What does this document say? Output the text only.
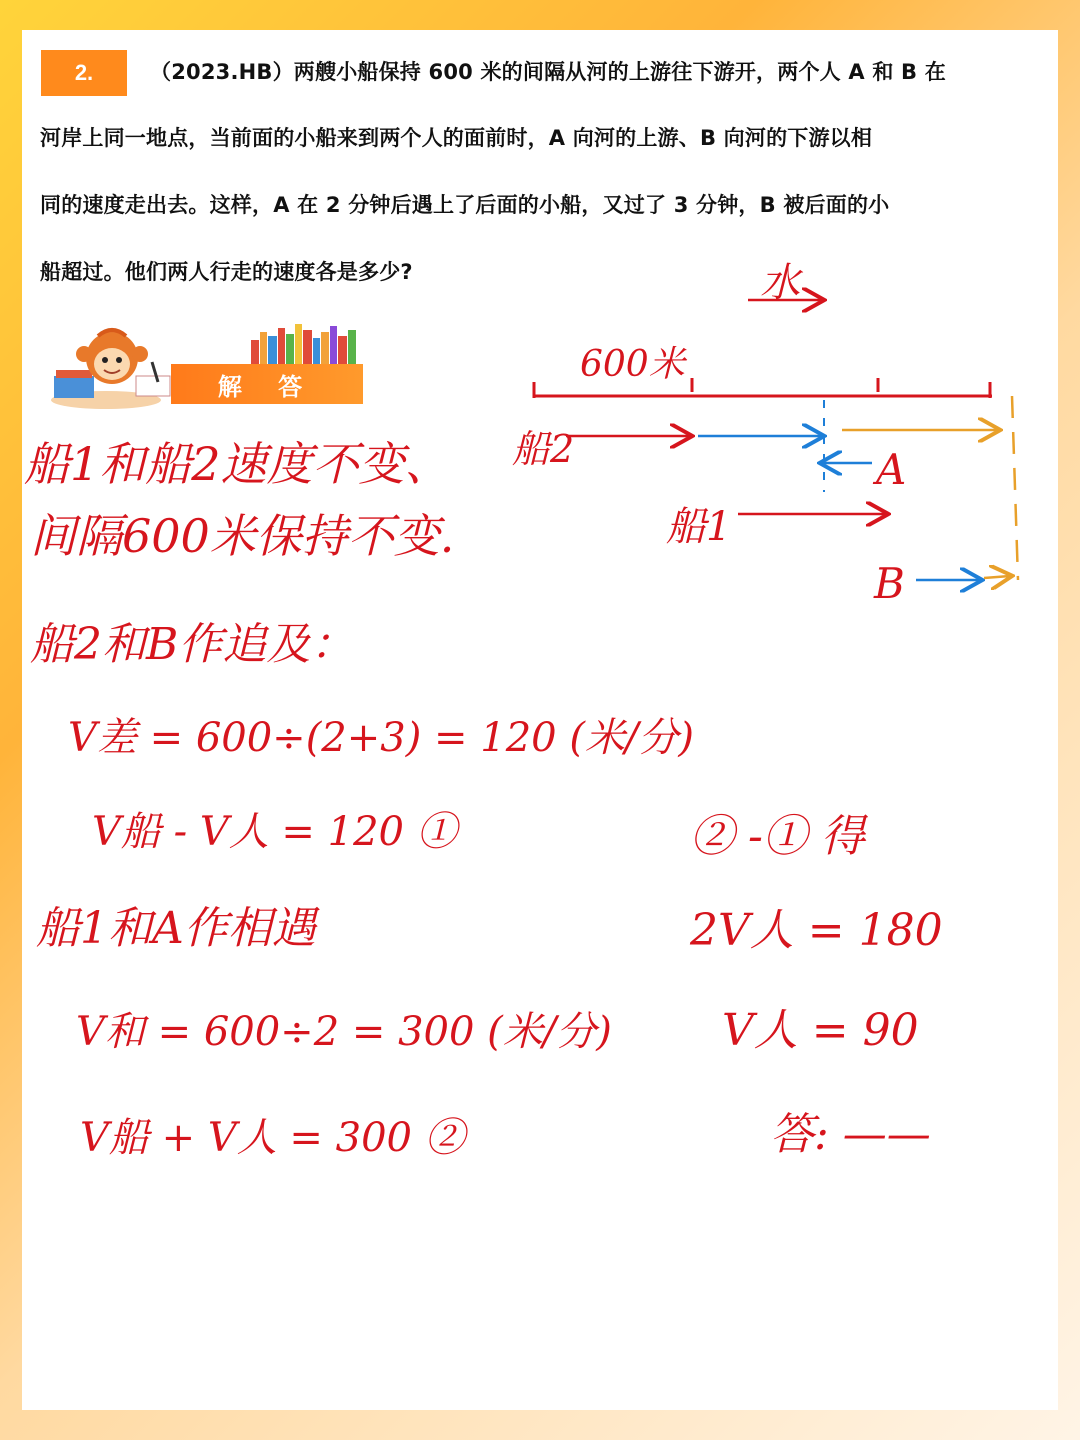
2.	（2023.HB）两艘小船保持 600 米的间隔从河的上游往下游开，两个人 A 和 B 在
河岸上同一地点，当前面的小船来到两个人的面前时，A 向河的上游、B 向河的下游以相
同的速度走出去。这样，A 在 2 分钟后遇上了后面的小船，又过了 3 分钟，B 被后面的小
船超过。他们两人行走的速度各是多少?
解 答
水
600米
船2	A
船1
B
船1和船2速度不变、
间隔600米保持不变.
船2和B作追及：
V差 = 600÷(2+3) = 120 (米/分)
V船 - V人 = 120 ①
船1和A作相遇
V和 = 600÷2 = 300 (米/分)
V船 + V人 = 300 ②
② -① 得
2V人 = 180
V人 = 90
答: ——
